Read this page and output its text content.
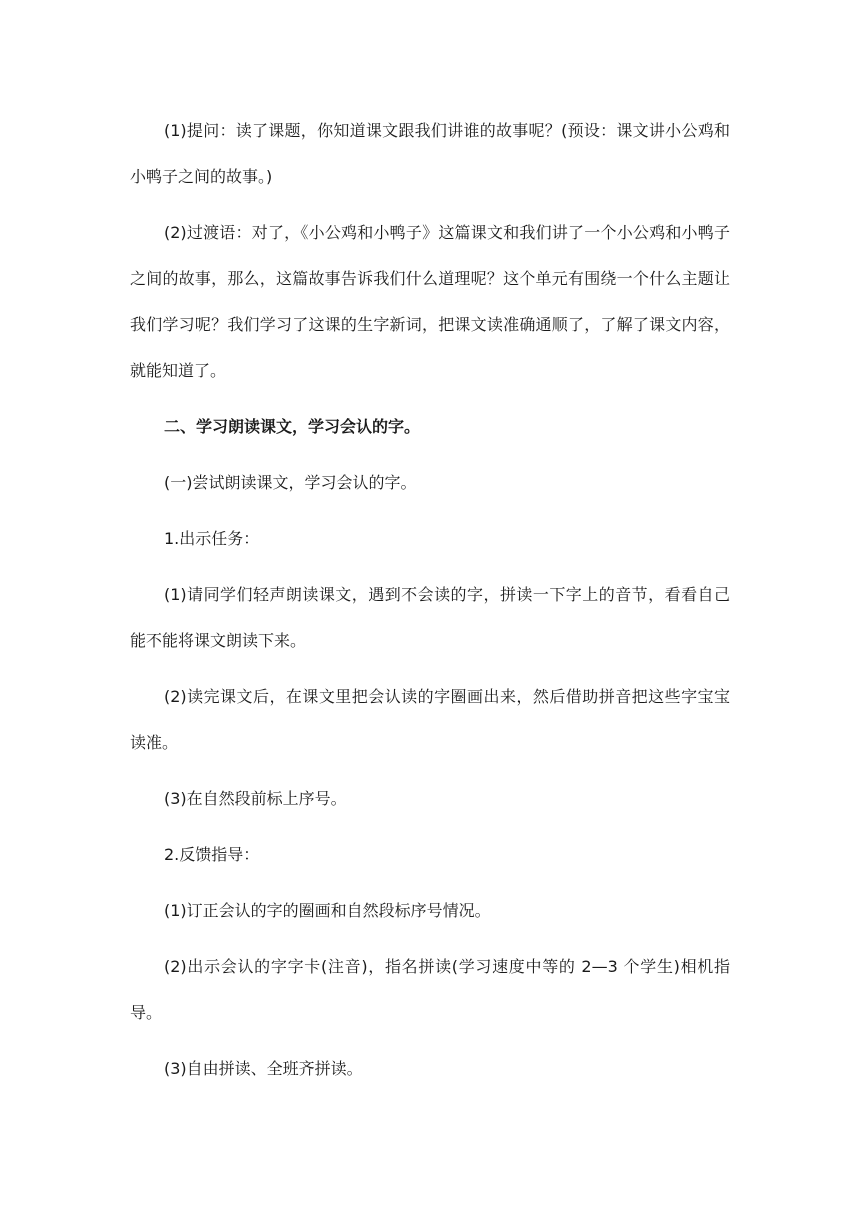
(1)提问：读了课题，你知道课文跟我们讲谁的故事呢？(预设：课文讲小公鸡和小鸭子之间的故事。)

(2)过渡语：对了，《小公鸡和小鸭子》这篇课文和我们讲了一个小公鸡和小鸭子之间的故事，那么，这篇故事告诉我们什么道理呢？这个单元有围绕一个什么主题让我们学习呢？我们学习了这课的生字新词，把课文读准确通顺了，了解了课文内容，就能知道了。

二、学习朗读课文，学习会认的字。

(一)尝试朗读课文，学习会认的字。

1.出示任务：

(1)请同学们轻声朗读课文，遇到不会读的字，拼读一下字上的音节，看看自己能不能将课文朗读下来。

(2)读完课文后，在课文里把会认读的字圈画出来，然后借助拼音把这些字宝宝读准。

(3)在自然段前标上序号。

2.反馈指导：

(1)订正会认的字的圈画和自然段标序号情况。

(2)出示会认的字字卡(注音)，指名拼读(学习速度中等的 2—3 个学生)相机指导。

(3)自由拼读、全班齐拼读。
